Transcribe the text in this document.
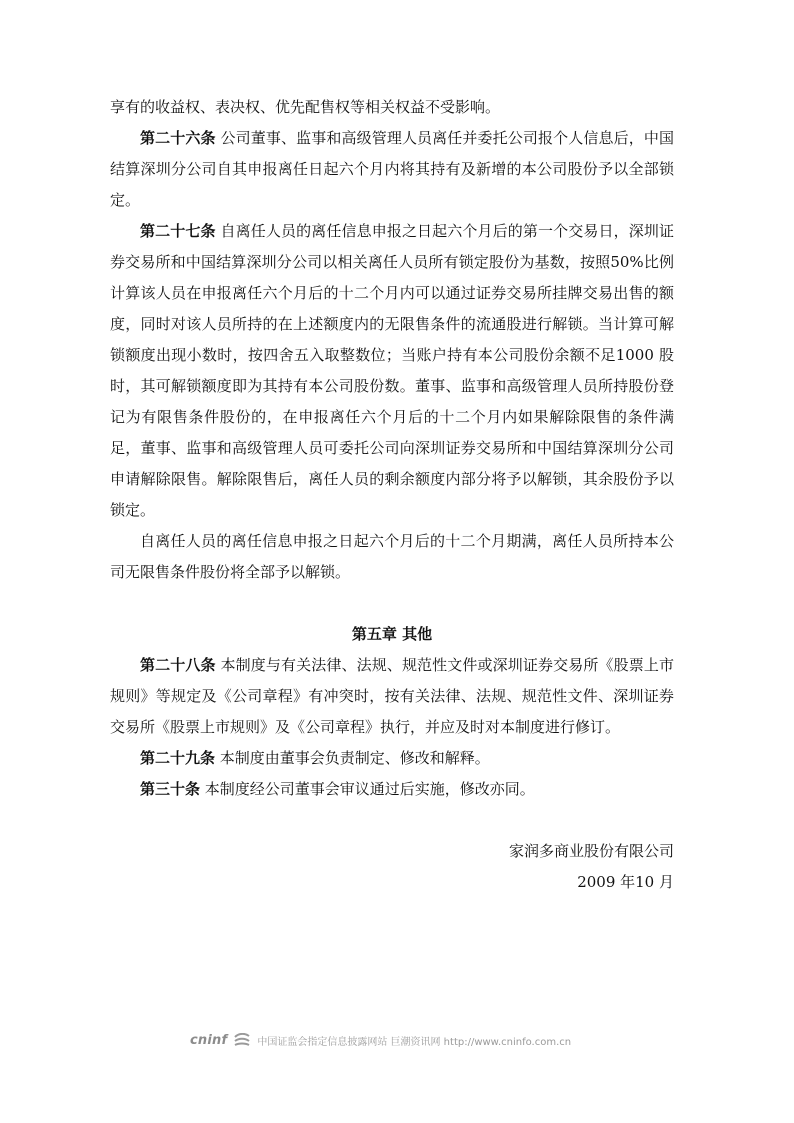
享有的收益权、表决权、优先配售权等相关权益不受影响。

第二十六条 公司董事、监事和高级管理人员离任并委托公司报个人信息后，中国结算深圳分公司自其申报离任日起六个月内将其持有及新增的本公司股份予以全部锁定。

第二十七条 自离任人员的离任信息申报之日起六个月后的第一个交易日，深圳证券交易所和中国结算深圳分公司以相关离任人员所有锁定股份为基数，按照50%比例计算该人员在申报离任六个月后的十二个月内可以通过证券交易所挂牌交易出售的额度，同时对该人员所持的在上述额度内的无限售条件的流通股进行解锁。当计算可解锁额度出现小数时，按四舍五入取整数位；当账户持有本公司股份余额不足1000 股时，其可解锁额度即为其持有本公司股份数。董事、监事和高级管理人员所持股份登记为有限售条件股份的，在申报离任六个月后的十二个月内如果解除限售的条件满足，董事、监事和高级管理人员可委托公司向深圳证券交易所和中国结算深圳分公司申请解除限售。解除限售后，离任人员的剩余额度内部分将予以解锁，其余股份予以锁定。

自离任人员的离任信息申报之日起六个月后的十二个月期满，离任人员所持本公司无限售条件股份将全部予以解锁。

第五章 其他

第二十八条 本制度与有关法律、法规、规范性文件或深圳证券交易所《股票上市规则》等规定及《公司章程》有冲突时，按有关法律、法规、规范性文件、深圳证券交易所《股票上市规则》及《公司章程》执行，并应及时对本制度进行修订。

第二十九条 本制度由董事会负责制定、修改和解释。

第三十条 本制度经公司董事会审议通过后实施，修改亦同。

家润多商业股份有限公司

2009 年10 月

cninf	中国证监会指定信息披露网站 巨潮资讯网 http://www.cninfo.com.cn
